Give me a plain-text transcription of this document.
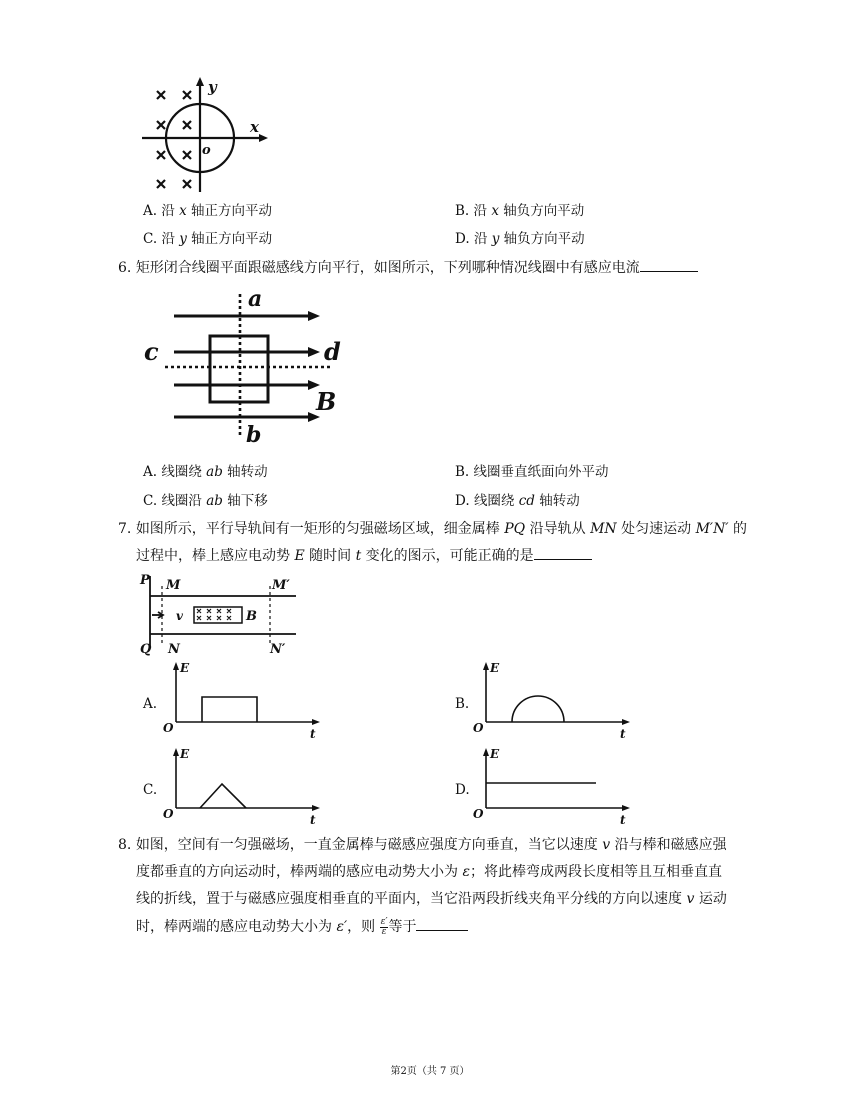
y
x
o
A. 沿 x 轴正方向平动	B. 沿 x 轴负方向平动
C. 沿 y 轴正方向平动	D. 沿 y 轴负方向平动
6. 矩形闭合线圈平面跟磁感线方向平行，如图所示，下列哪种情况线圈中有感应电流
a
b
c	d
B
A. 线圈绕 ab 轴转动	B. 线圈垂直纸面向外平动
C. 线圈沿 ab 轴下移	D. 线圈绕 cd 轴转动
7. 如图所示，平行导轨间有一矩形的匀强磁场区域，细金属棒 PQ 沿导轨从 MN 处匀速运动 M′N′ 的
过程中，棒上感应电动势 E 随时间 t 变化的图示，可能正确的是
P M	M′
Q N	N′
v	B
A.
E
O	t
B.
E
O	t
C.
E
O	t
D.
E
O	t
8. 如图，空间有一匀强磁场，一直金属棒与磁感应强度方向垂直，当它以速度 v 沿与棒和磁感应强
度都垂直的方向运动时，棒两端的感应电动势大小为 ε；将此棒弯成两段长度相等且互相垂直直
线的折线，置于与磁感应强度相垂直的平面内，当它沿两段折线夹角平分线的方向以速度 v 运动
时，棒两端的感应电动势大小为 ε′，则 $\frac{\varepsilon'}{\varepsilon}$ 等于
第2页（共 7 页）
